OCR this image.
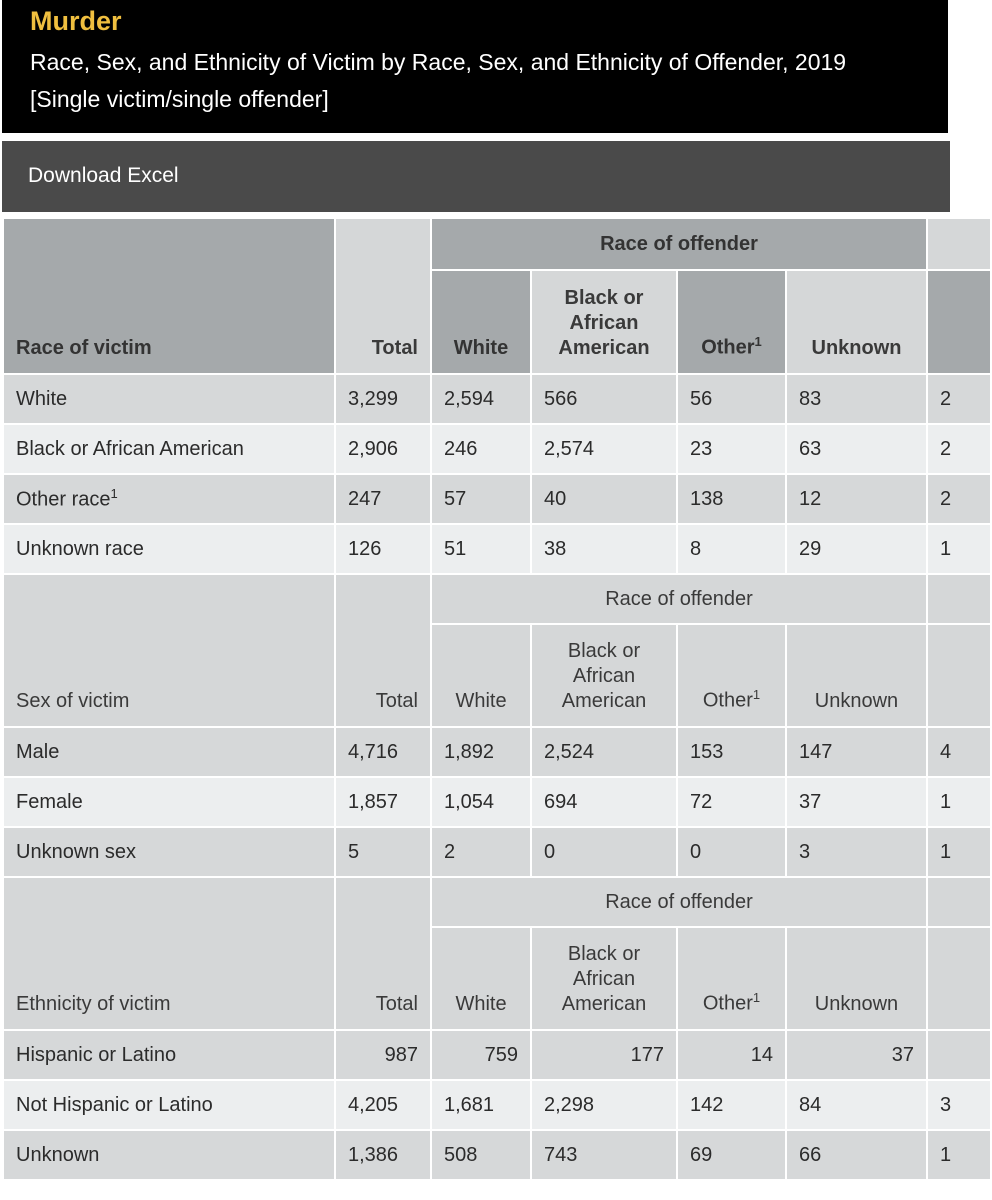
Murder
Race, Sex, and Ethnicity of Victim by Race, Sex, and Ethnicity of Offender, 2019
[Single victim/single offender]
Download Excel
Race of victim	Total	Race of offender				
		White	Black or African American	Other$^1$	Unknown	
White	3,299	2,594	566	56	83	2
Black or African American	2,906	246	2,574	23	63	2
Other race$^1$	247	57	40	138	12	2
Unknown race	126	51	38	8	29	1
Sex of victim	Total	Race of offender				
		White	Black or African American	Other$^1$	Unknown	
Male	4,716	1,892	2,524	153	147	4
Female	1,857	1,054	694	72	37	1
Unknown sex	5	2	0	0	3	1
Ethnicity of victim	Total	Race of offender				
		White	Black or African American	Other$^1$	Unknown	
Hispanic or Latino	987	759	177	14	37	
Not Hispanic or Latino	4,205	1,681	2,298	142	84	3
Unknown	1,386	508	743	69	66	1
